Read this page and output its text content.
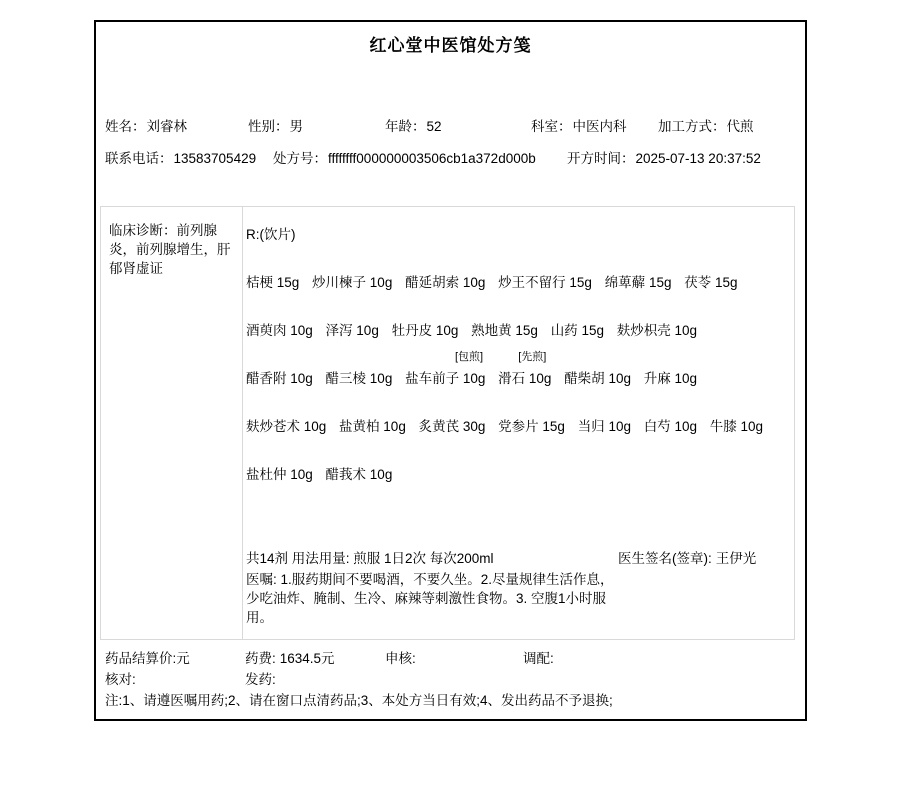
红心堂中医馆处方笺
姓名：刘睿林	性别：男	年龄：52	科室：中医内科	加工方式：代煎
联系电话：13583705429	处方号：ffffffff000000003506cb1a372d000b	开方时间：2025-07-13 20:37:52
临床诊断：前列腺炎，前列腺增生，肝郁肾虚证
R:(饮片)
桔梗 15g 炒川楝子 10g 醋延胡索 10g 炒王不留行 15g 绵萆薢 15g 茯苓 15g
酒萸肉 10g 泽泻 10g 牡丹皮 10g 熟地黄 15g 山药 15g 麸炒枳壳 10g
[包煎]	[先煎]
醋香附 10g 醋三棱 10g 盐车前子 10g 滑石 10g 醋柴胡 10g 升麻 10g
麸炒苍术 10g 盐黄柏 10g 炙黄芪 30g 党参片 15g 当归 10g 白芍 10g 牛膝 10g
盐杜仲 10g 醋莪术 10g
共14剂 用法用量: 煎服 1日2次 每次200ml	医生签名(签章): 王伊光
医嘱: 1.服药期间不要喝酒，不要久坐。2.尽量规律生活作息，少吃油炸、腌制、生冷、麻辣等刺激性食物。3. 空腹1小时服用。
药品结算价:元	药费: 1634.5元	申核:	调配:
核对:	发药:
注:1、请遵医嘱用药;2、请在窗口点清药品;3、本处方当日有效;4、发出药品不予退换;
